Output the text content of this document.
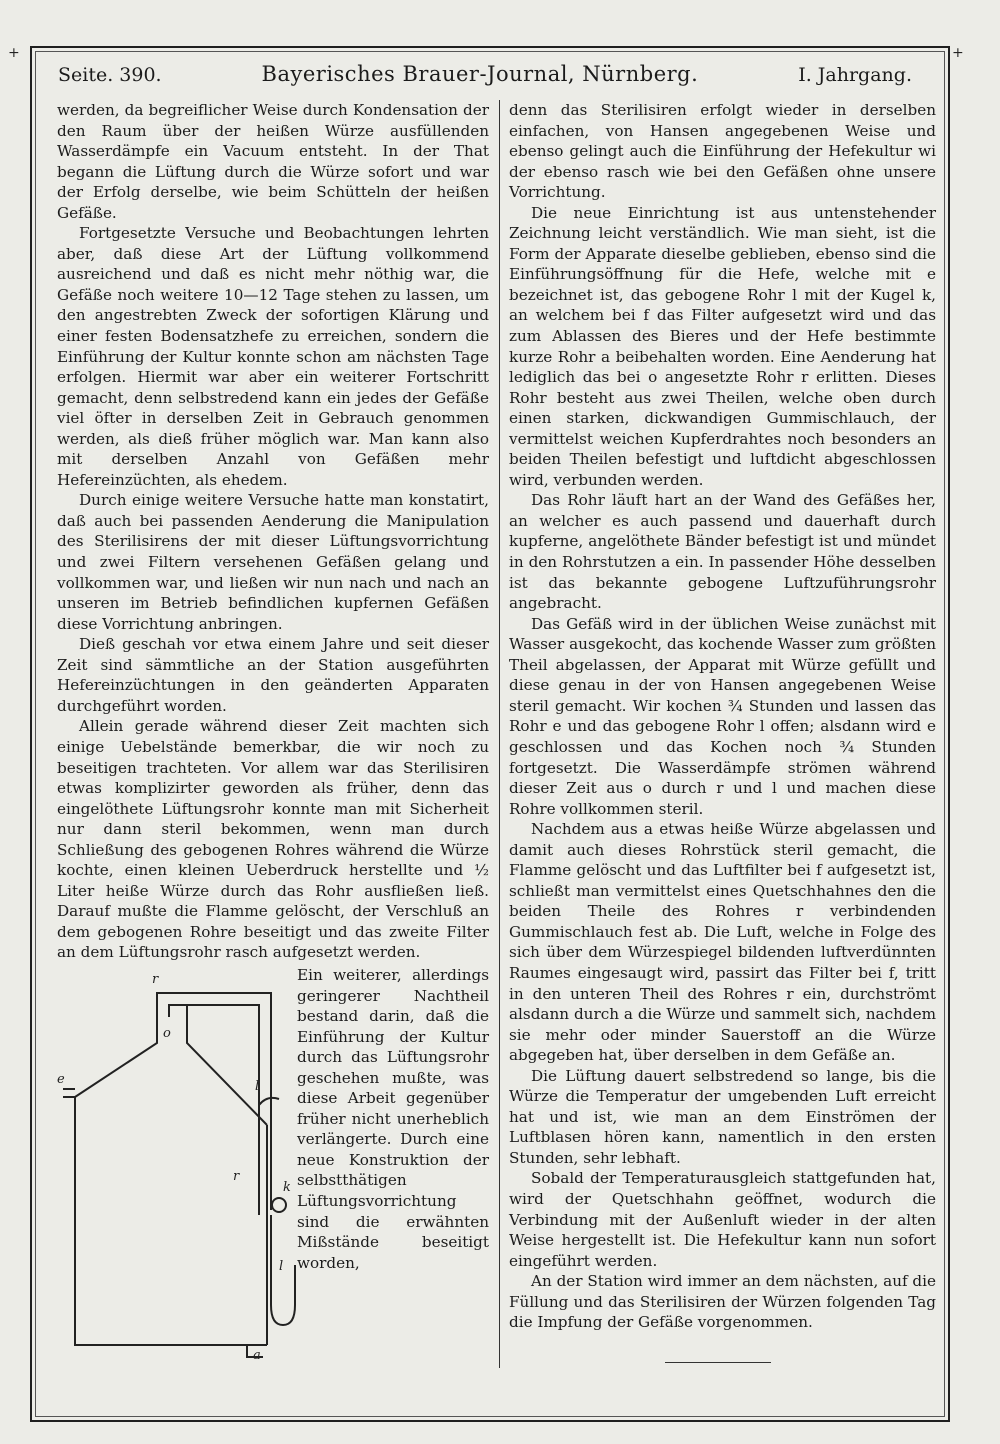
+	+
Seite. 390.	Bayerisches Brauer-Journal, Nürnberg.	I. Jahrgang.

werden, da begreiflicher Weise durch Kondensation der den Raum über der heißen Würze ausfüllenden Wasserdämpfe ein Vacuum entsteht. In der That begann die Lüftung durch die Würze sofort und war der Erfolg derselbe, wie beim Schütteln der heißen Gefäße.

Fortgesetzte Versuche und Beobachtungen lehrten aber, daß diese Art der Lüftung vollkommend ausreichend und daß es nicht mehr nöthig war, die Gefäße noch weitere 10—12 Tage stehen zu lassen, um den angestrebten Zweck der sofortigen Klärung und einer festen Bodensatzhefe zu erreichen, sondern die Einführung der Kultur konnte schon am nächsten Tage erfolgen. Hiermit war aber ein weiterer Fortschritt gemacht, denn selbstredend kann ein jedes der Gefäße viel öfter in derselben Zeit in Gebrauch genommen werden, als dieß früher möglich war. Man kann also mit derselben Anzahl von Gefäßen mehr Hefereinzüchten, als ehedem.

Durch einige weitere Versuche hatte man konstatirt, daß auch bei passenden Aenderung die Manipulation des Sterilisirens der mit dieser Lüftungsvorrichtung und zwei Filtern versehenen Gefäßen gelang und vollkommen war, und ließen wir nun nach und nach an unseren im Betrieb befindlichen kupfernen Gefäßen diese Vorrichtung anbringen.

Dieß geschah vor etwa einem Jahre und seit dieser Zeit sind sämmtliche an der Station ausgeführten Hefereinzüchtungen in den geänderten Apparaten durchgeführt worden.

Allein gerade während dieser Zeit machten sich einige Uebelstände bemerkbar, die wir noch zu beseitigen trachteten. Vor allem war das Sterilisiren etwas komplizirter geworden als früher, denn das eingelöthete Lüftungsrohr konnte man mit Sicherheit nur dann steril bekommen, wenn man durch Schließung des gebogenen Rohres während die Würze kochte, einen kleinen Ueberdruck herstellte und ½ Liter heiße Würze durch das Rohr ausfließen ließ. Darauf mußte die Flamme gelöscht, der Verschluß an dem gebogenen Rohre beseitigt und das zweite Filter an dem Lüftungsrohr rasch aufgesetzt werden.

r
o
e	l
k
r
l
a

Ein weiterer, allerdings geringerer Nachtheil bestand darin, daß die Einführung der Kultur durch das Lüftungsrohr geschehen mußte, was diese Arbeit gegenüber früher nicht unerheblich verlängerte. Durch eine neue Konstruktion der selbstthätigen Lüftungsvorrichtung sind die erwähnten Mißstände beseitigt worden,

denn das Sterilisiren erfolgt wieder in derselben einfachen, von Hansen angegebenen Weise und ebenso gelingt auch die Einführung der Hefekultur wi der ebenso rasch wie bei den Gefäßen ohne unsere Vorrichtung.

Die neue Einrichtung ist aus untenstehender Zeichnung leicht verständlich. Wie man sieht, ist die Form der Apparate dieselbe geblieben, ebenso sind die Einführungsöffnung für die Hefe, welche mit e bezeichnet ist, das gebogene Rohr l mit der Kugel k, an welchem bei f das Filter aufgesetzt wird und das zum Ablassen des Bieres und der Hefe bestimmte kurze Rohr a beibehalten worden. Eine Aenderung hat lediglich das bei o angesetzte Rohr r erlitten. Dieses Rohr besteht aus zwei Theilen, welche oben durch einen starken, dickwandigen Gummischlauch, der vermittelst weichen Kupferdrahtes noch besonders an beiden Theilen befestigt und luftdicht abgeschlossen wird, verbunden werden.

Das Rohr läuft hart an der Wand des Gefäßes her, an welcher es auch passend und dauerhaft durch kupferne, angelöthete Bänder befestigt ist und mündet in den Rohrstutzen a ein. In passender Höhe desselben ist das bekannte gebogene Luftzuführungsrohr angebracht.

Das Gefäß wird in der üblichen Weise zunächst mit Wasser ausgekocht, das kochende Wasser zum größten Theil abgelassen, der Apparat mit Würze gefüllt und diese genau in der von Hansen angegebenen Weise steril gemacht. Wir kochen ¾ Stunden und lassen das Rohr e und das gebogene Rohr l offen; alsdann wird e geschlossen und das Kochen noch ¾ Stunden fortgesetzt. Die Wasserdämpfe strömen während dieser Zeit aus o durch r und l und machen diese Rohre vollkommen steril.

Nachdem aus a etwas heiße Würze abgelassen und damit auch dieses Rohrstück steril gemacht, die Flamme gelöscht und das Luftfilter bei f aufgesetzt ist, schließt man vermittelst eines Quetschhahnes den die beiden Theile des Rohres r verbindenden Gummischlauch fest ab. Die Luft, welche in Folge des sich über dem Würzespiegel bildenden luftverdünnten Raumes eingesaugt wird, passirt das Filter bei f, tritt in den unteren Theil des Rohres r ein, durchströmt alsdann durch a die Würze und sammelt sich, nachdem sie mehr oder minder Sauerstoff an die Würze abgegeben hat, über derselben in dem Gefäße an.

Die Lüftung dauert selbstredend so lange, bis die Würze die Temperatur der umgebenden Luft erreicht hat und ist, wie man an dem Einströmen der Luftblasen hören kann, namentlich in den ersten Stunden, sehr lebhaft.

Sobald der Temperaturausgleich stattgefunden hat, wird der Quetschhahn geöffnet, wodurch die Verbindung mit der Außenluft wieder in der alten Weise hergestellt ist. Die Hefekultur kann nun sofort eingeführt werden.

An der Station wird immer an dem nächsten, auf die Füllung und das Sterilisiren der Würzen folgenden Tag die Impfung der Gefäße vorgenommen.
